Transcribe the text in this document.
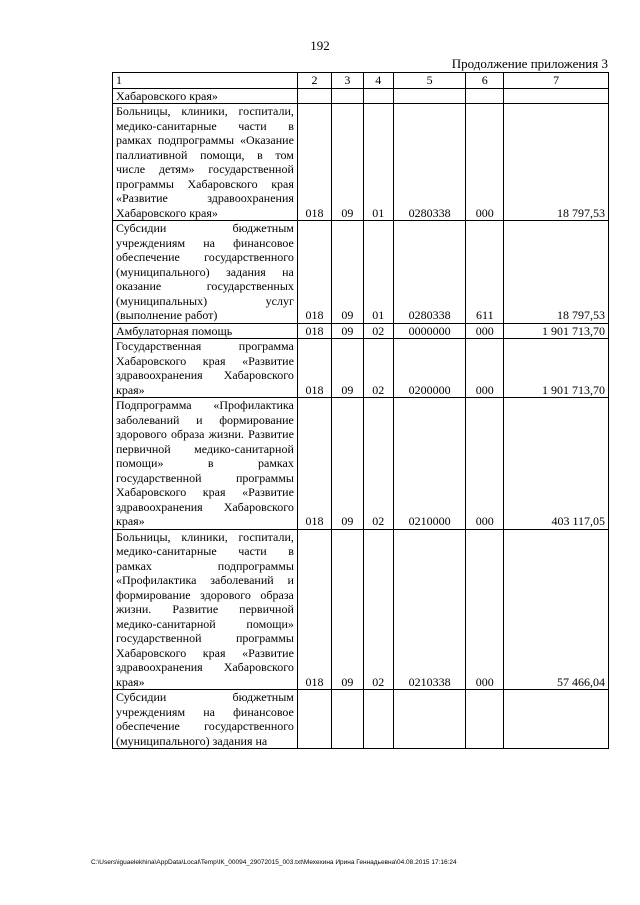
192
Продолжение приложения 3
1	2	3	4	5	6	7
Хабаровского края»						
Больницы, клиники, госпитали, медико-санитарные части в рамках подпрограммы «Оказание паллиативной помощи, в том числе детям» государственной программы Хабаровского края «Развитие здравоохранения Хабаровского края»	018	09	01	0280338	000	18 797,53
Субсидии бюджетным учреждениям на финансовое обеспечение государственного (муниципального) задания на оказание государственных (муниципальных) услуг (выполнение работ)	018	09	01	0280338	611	18 797,53
Амбулаторная помощь	018	09	02	0000000	000	1 901 713,70
Государственная программа Хабаровского края «Развитие здравоохранения Хабаровского края»	018	09	02	0200000	000	1 901 713,70
Подпрограмма «Профилактика заболеваний и формирование здорового образа жизни. Развитие первичной медико-санитарной помощи» в рамках государственной программы Хабаровского края «Развитие здравоохранения Хабаровского края»	018	09	02	0210000	000	403 117,05
Больницы, клиники, госпитали, медико-санитарные части в рамках подпрограммы «Профилактика заболеваний и формирование здорового образа жизни. Развитие первичной медико-санитарной помощи» государственной программы Хабаровского края «Развитие здравоохранения Хабаровского края»	018	09	02	0210338	000	57 466,04
Субсидии бюджетным учреждениям на финансовое обеспечение государственного (муниципального) задания на						
C:\Users\iguaelekhina\AppData\Local\Temp\IK_00094_29072015_003.txt\Мехехина Ирина Геннадьевна\04.08.2015 17:16:24
